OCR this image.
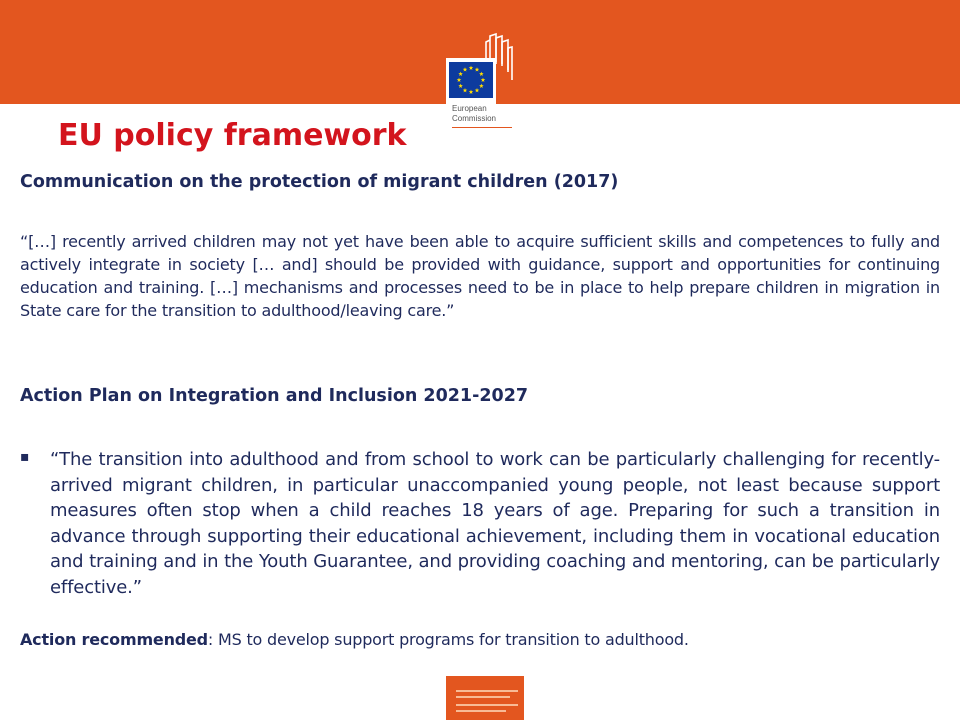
European
Commission
EU policy framework
Communication on the protection of migrant children (2017)

“[…] recently arrived children may not yet have been able to acquire sufficient skills and competences to fully and actively integrate in society [… and] should be provided with guidance, support and opportunities for continuing education and training. […] mechanisms and processes need to be in place to help prepare children in migration in State care for the transition to adulthood/leaving care.”

Action Plan on Integration and Inclusion 2021-2027
▪ “The transition into adulthood and from school to work can be particularly challenging for recently-arrived migrant children, in particular unaccompanied young people, not least because support measures often stop when a child reaches 18 years of age. Preparing for such a transition in advance through supporting their educational achievement, including them in vocational education and training and in the Youth Guarantee, and providing coaching and mentoring, can be particularly effective.”

Action recommended: MS to develop support programs for transition to adulthood.
